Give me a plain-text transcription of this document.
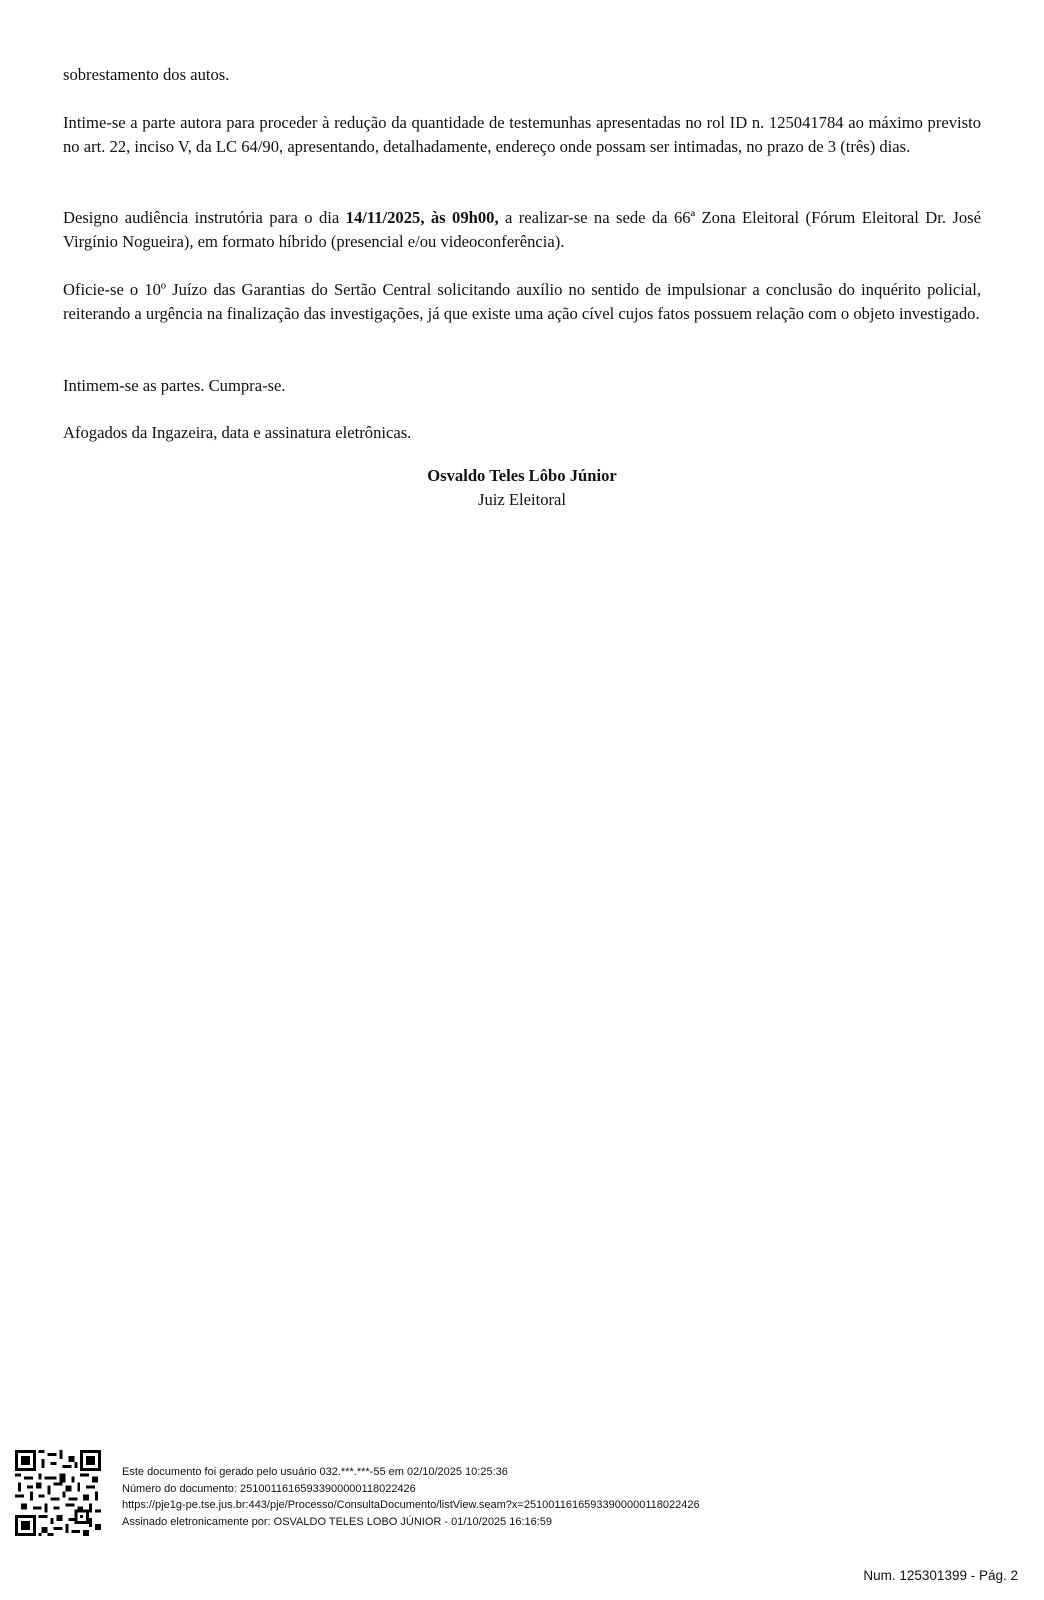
sobrestamento dos autos.

Intime-se a parte autora para proceder à redução da quantidade de testemunhas apresentadas no rol ID n. 125041784 ao máximo previsto no art. 22, inciso V, da LC 64/90, apresentando, detalhadamente, endereço onde possam ser intimadas, no prazo de 3 (três) dias.

Designo audiência instrutória para o dia 14/11/2025, às 09h00, a realizar-se na sede da 66ª Zona Eleitoral (Fórum Eleitoral Dr. José Virgínio Nogueira), em formato híbrido (presencial e/ou videoconferência).

Oficie-se o 10º Juízo das Garantias do Sertão Central solicitando auxílio no sentido de impulsionar a conclusão do inquérito policial, reiterando a urgência na finalização das investigações, já que existe uma ação cível cujos fatos possuem relação com o objeto investigado.

Intimem-se as partes. Cumpra-se.

Afogados da Ingazeira, data e assinatura eletrônicas.

Osvaldo Teles Lôbo Júnior
Juiz Eleitoral
Este documento foi gerado pelo usuário 032.***.***-55 em 02/10/2025 10:25:36
Número do documento: 25100116165933900000118022426
https://pje1g-pe.tse.jus.br:443/pje/Processo/ConsultaDocumento/listView.seam?x=25100116165933900000118022426
Assinado eletronicamente por: OSVALDO TELES LOBO JÚNIOR - 01/10/2025 16:16:59
Num. 125301399 - Pág. 2
